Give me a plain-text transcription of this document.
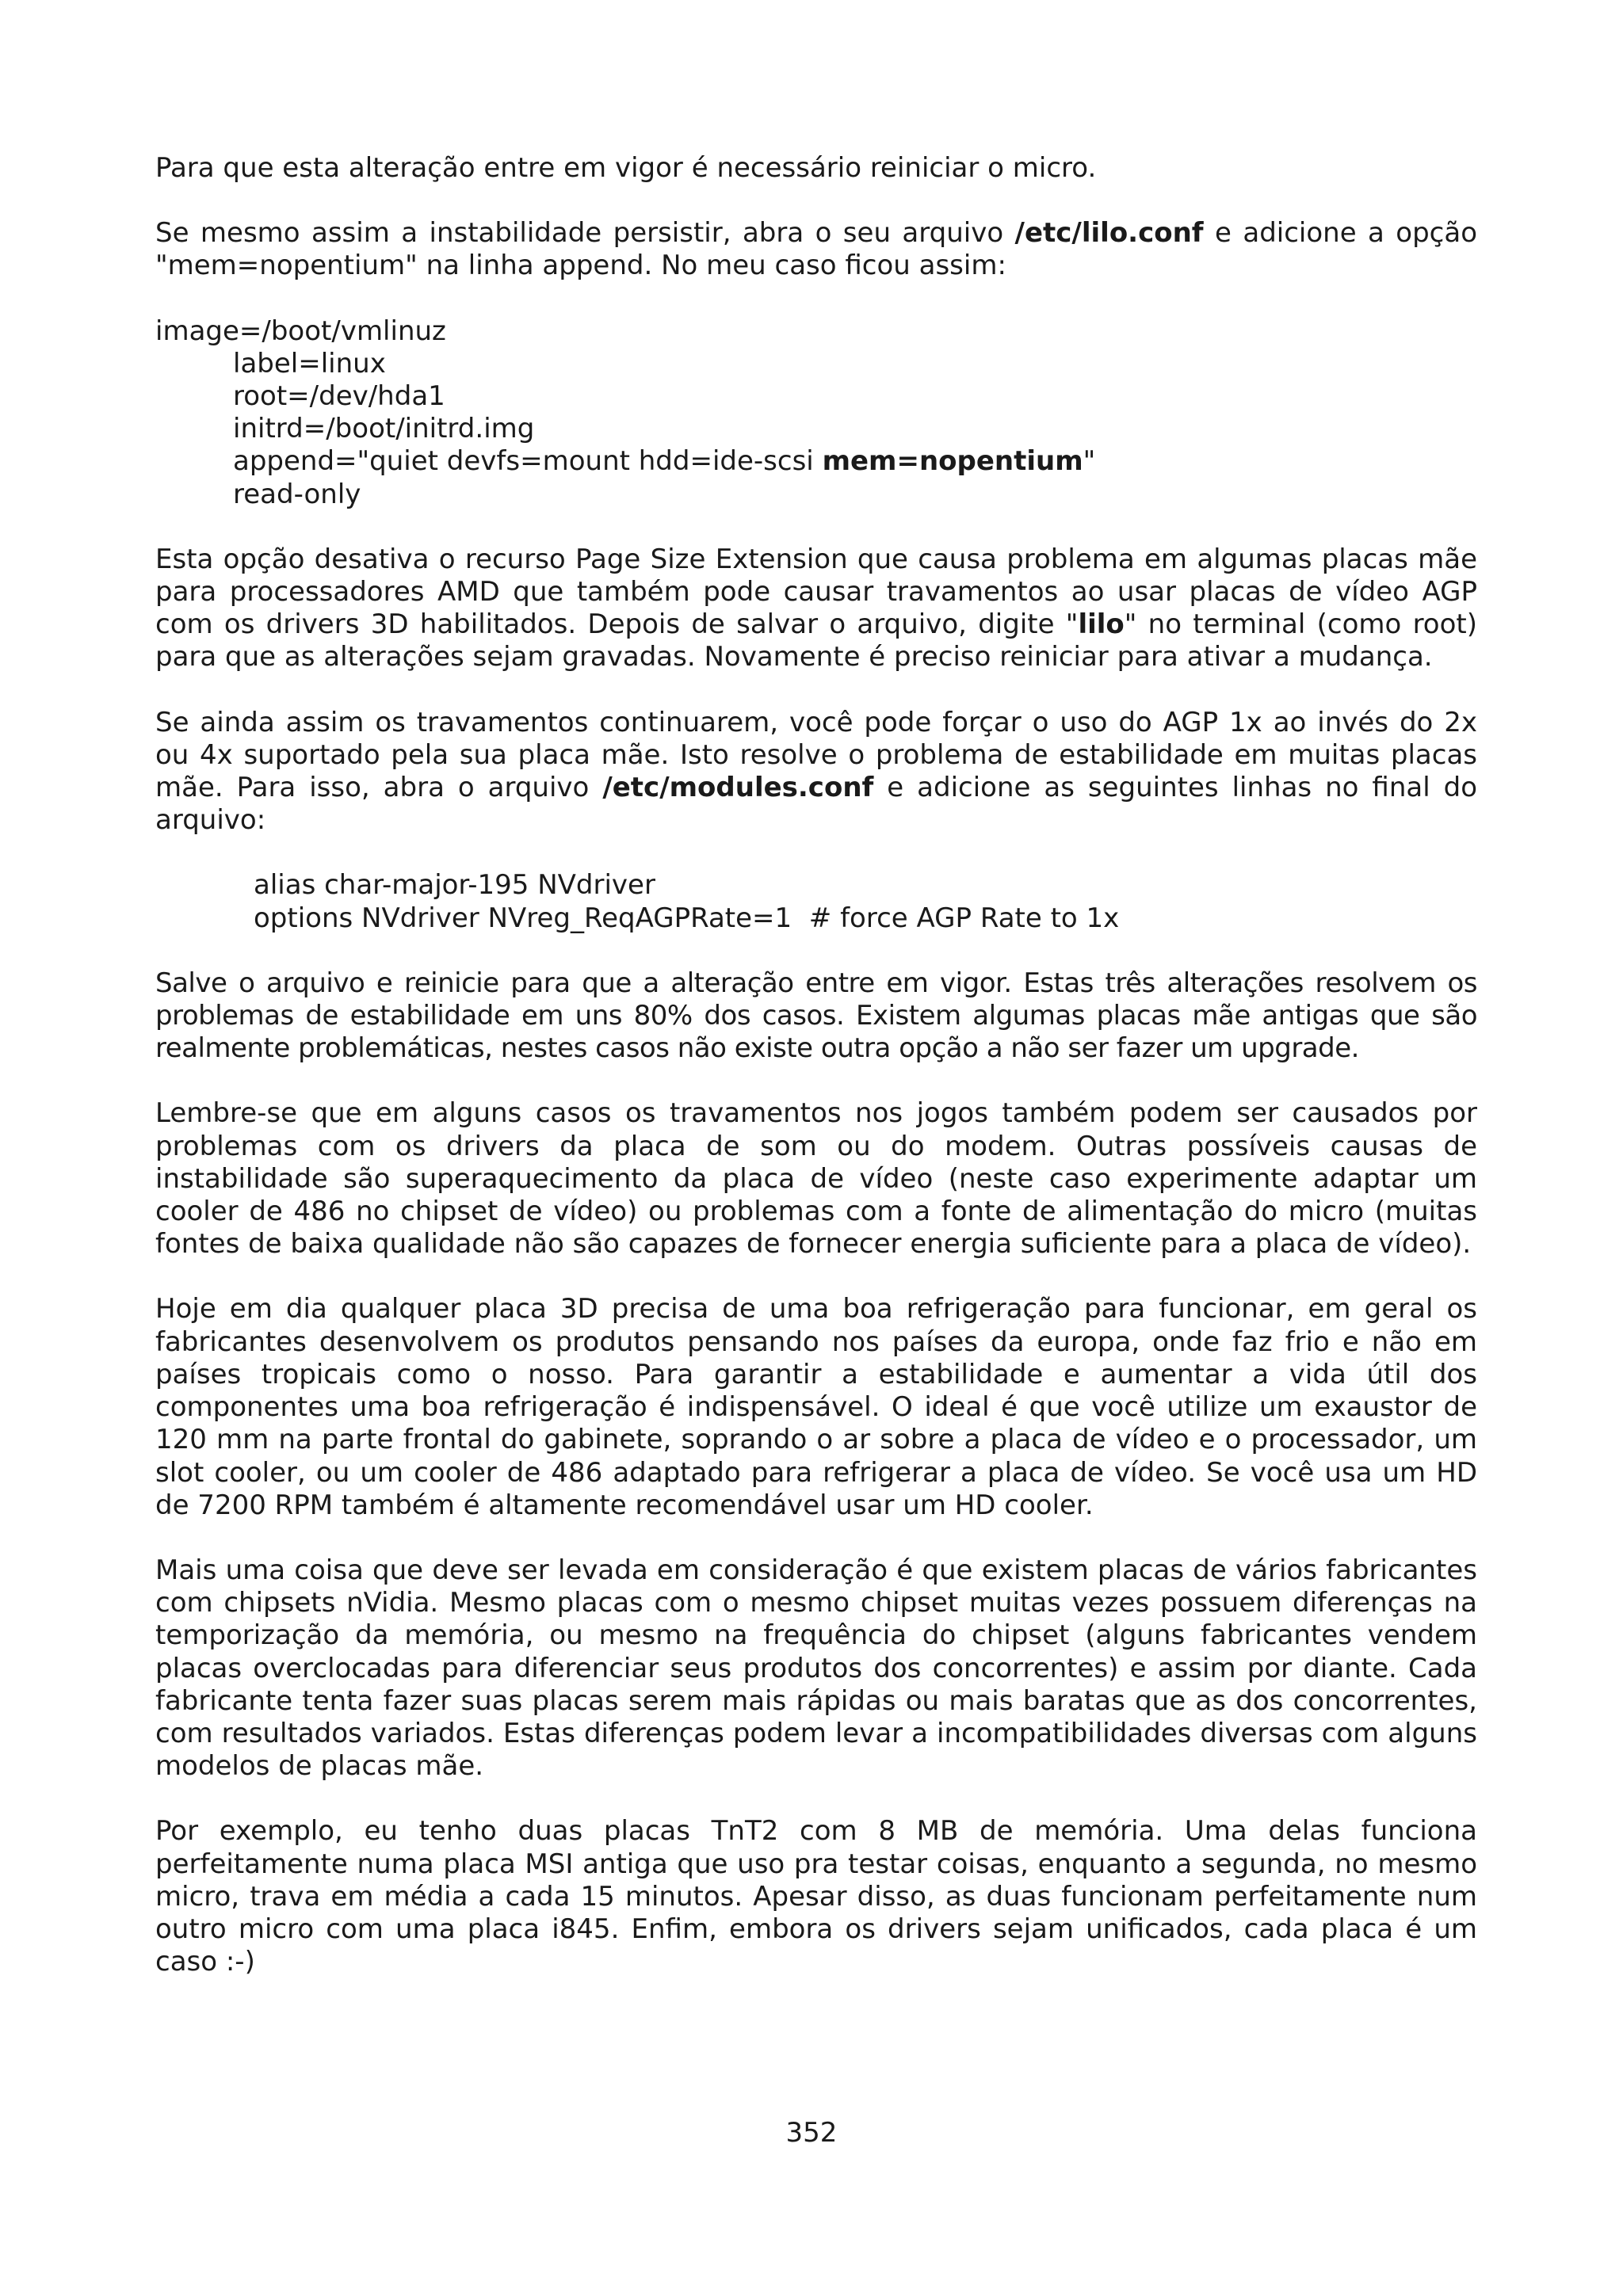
Para que esta alteração entre em vigor é necessário reiniciar o micro.

Se mesmo assim a instabilidade persistir, abra o seu arquivo /etc/lilo.conf e adicione a opção "mem=nopentium" na linha append. No meu caso ficou assim:

image=/boot/vmlinuz
label=linux
root=/dev/hda1
initrd=/boot/initrd.img
append="quiet devfs=mount hdd=ide-scsi mem=nopentium"
read-only

Esta opção desativa o recurso Page Size Extension que causa problema em algumas placas mãe para processadores AMD que também pode causar travamentos ao usar placas de vídeo AGP com os drivers 3D habilitados. Depois de salvar o arquivo, digite "lilo" no terminal (como root) para que as alterações sejam gravadas. Novamente é preciso reiniciar para ativar a mudança.

Se ainda assim os travamentos continuarem, você pode forçar o uso do AGP 1x ao invés do 2x ou 4x suportado pela sua placa mãe. Isto resolve o problema de estabilidade em muitas placas mãe. Para isso, abra o arquivo /etc/modules.conf e adicione as seguintes linhas no final do arquivo:

alias char-major-195 NVdriver
options NVdriver NVreg_ReqAGPRate=1  # force AGP Rate to 1x

Salve o arquivo e reinicie para que a alteração entre em vigor. Estas três alterações resolvem os problemas de estabilidade em uns 80% dos casos. Existem algumas placas mãe antigas que são realmente problemáticas, nestes casos não existe outra opção a não ser fazer um upgrade.

Lembre-se que em alguns casos os travamentos nos jogos também podem ser causados por problemas com os drivers da placa de som ou do modem. Outras possíveis causas de instabilidade são superaquecimento da placa de vídeo (neste caso experimente adaptar um cooler de 486 no chipset de vídeo) ou problemas com a fonte de alimentação do micro (muitas fontes de baixa qualidade não são capazes de fornecer energia suficiente para a placa de vídeo).

Hoje em dia qualquer placa 3D precisa de uma boa refrigeração para funcionar, em geral os fabricantes desenvolvem os produtos pensando nos países da europa, onde faz frio e não em países tropicais como o nosso. Para garantir a estabilidade e aumentar a vida útil dos componentes uma boa refrigeração é indispensável. O ideal é que você utilize um exaustor de 120 mm na parte frontal do gabinete, soprando o ar sobre a placa de vídeo e o processador, um slot cooler, ou um cooler de 486 adaptado para refrigerar a placa de vídeo. Se você usa um HD de 7200 RPM também é altamente recomendável usar um HD cooler.

Mais uma coisa que deve ser levada em consideração é que existem placas de vários fabricantes com chipsets nVidia. Mesmo placas com o mesmo chipset muitas vezes possuem diferenças na temporização da memória, ou mesmo na frequência do chipset (alguns fabricantes vendem placas overclocadas para diferenciar seus produtos dos concorrentes) e assim por diante. Cada fabricante tenta fazer suas placas serem mais rápidas ou mais baratas que as dos concorrentes, com resultados variados. Estas diferenças podem levar a incompatibilidades diversas com alguns modelos de placas mãe.

Por exemplo, eu tenho duas placas TnT2 com 8 MB de memória. Uma delas funciona perfeitamente numa placa MSI antiga que uso pra testar coisas, enquanto a segunda, no mesmo micro, trava em média a cada 15 minutos. Apesar disso, as duas funcionam perfeitamente num outro micro com uma placa i845. Enfim, embora os drivers sejam unificados, cada placa é um caso :-)

352
